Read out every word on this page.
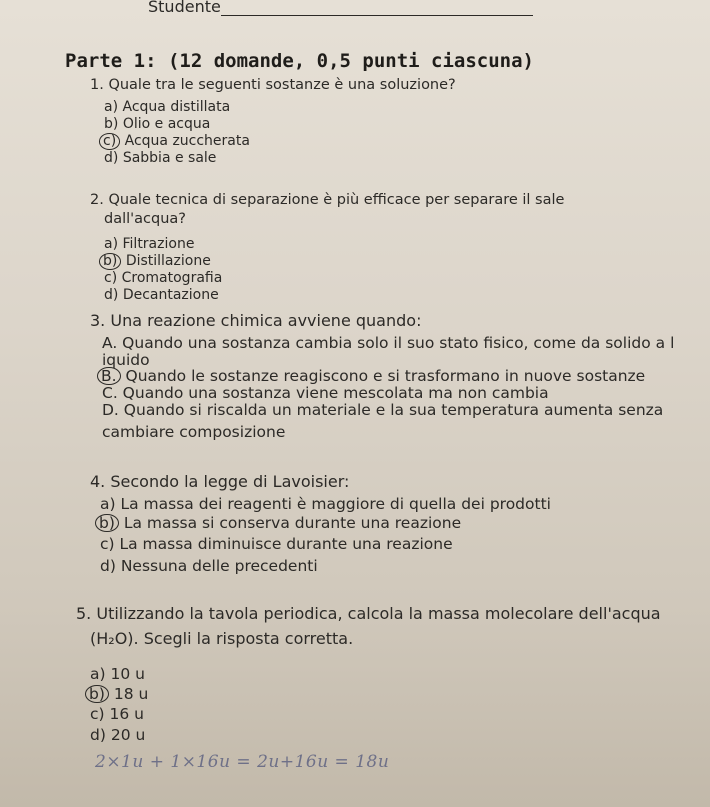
Studente
Parte 1: (12 domande, 0,5 punti ciascuna)
1. Quale tra le seguenti sostanze è una soluzione?
a) Acqua distillata
b) Olio e acqua
c) Acqua zuccherata
d) Sabbia e sale
2. Quale tecnica di separazione è più efficace per separare il sale
dall'acqua?
a) Filtrazione
b) Distillazione
c) Cromatografia
d) Decantazione
3. Una reazione chimica avviene quando:
A. Quando una sostanza cambia solo il suo stato fisico, come da solido a l
iquido
B. Quando le sostanze reagiscono e si trasformano in nuove sostanze
C. Quando una sostanza viene mescolata ma non cambia
D. Quando si riscalda un materiale e la sua temperatura aumenta senza
cambiare composizione
4. Secondo la legge di Lavoisier:
a) La massa dei reagenti è maggiore di quella dei prodotti
b) La massa si conserva durante una reazione
c) La massa diminuisce durante una reazione
d) Nessuna delle precedenti
5. Utilizzando la tavola periodica, calcola la massa molecolare dell'acqua
(H₂O). Scegli la risposta corretta.
a) 10 u
b) 18 u
c) 16 u
d) 20 u
2×1u + 1×16u = 2u+16u = 18u
